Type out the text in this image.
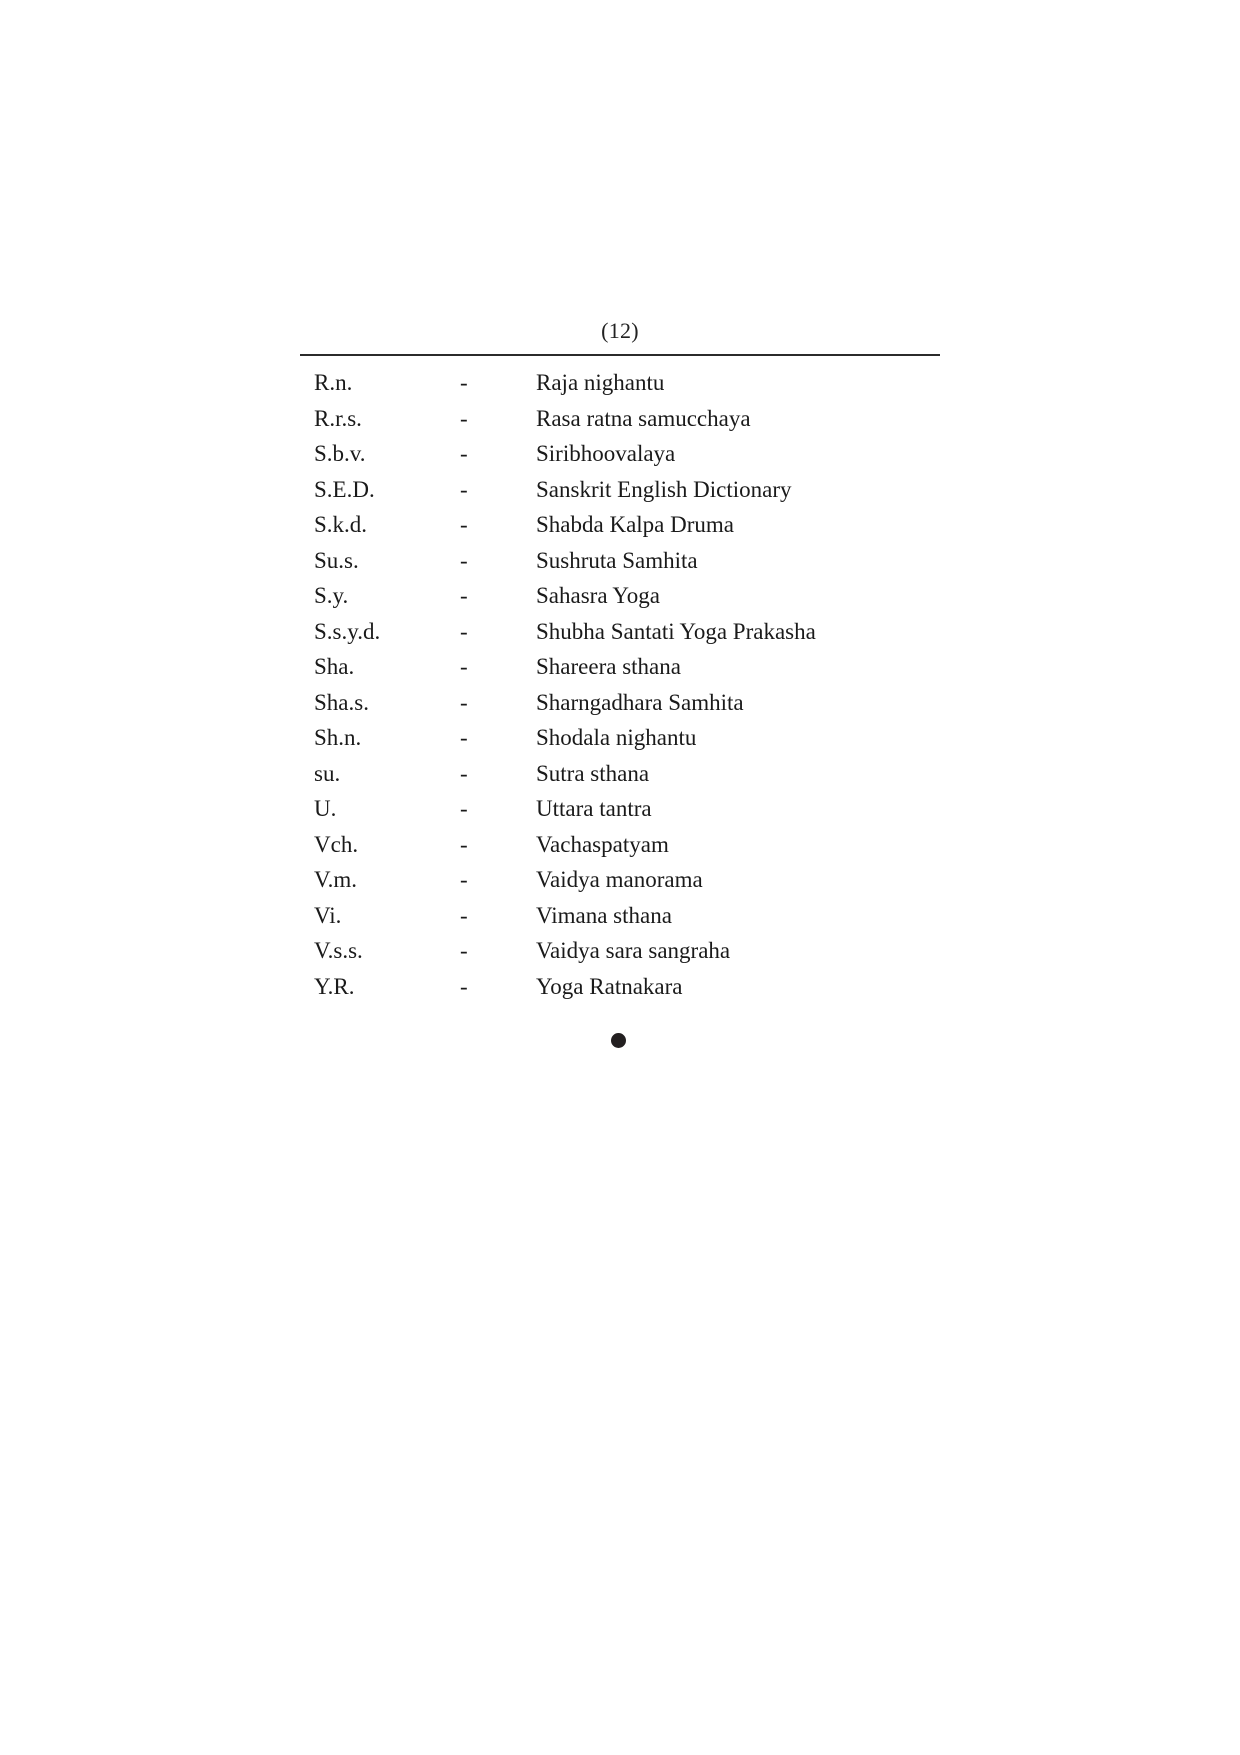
(12)
R.n.	-	Raja nighantu
R.r.s.	-	Rasa ratna samucchaya
S.b.v.	-	Siribhoovalaya
S.E.D.	-	Sanskrit English Dictionary
S.k.d.	-	Shabda Kalpa Druma
Su.s.	-	Sushruta Samhita
S.y.	-	Sahasra Yoga
S.s.y.d.	-	Shubha Santati Yoga Prakasha
Sha.	-	Shareera sthana
Sha.s.	-	Sharngadhara Samhita
Sh.n.	-	Shodala nighantu
su.	-	Sutra sthana
U.	-	Uttara tantra
Vch.	-	Vachaspatyam
V.m.	-	Vaidya manorama
Vi.	-	Vimana sthana
V.s.s.	-	Vaidya sara sangraha
Y.R.	-	Yoga Ratnakara
